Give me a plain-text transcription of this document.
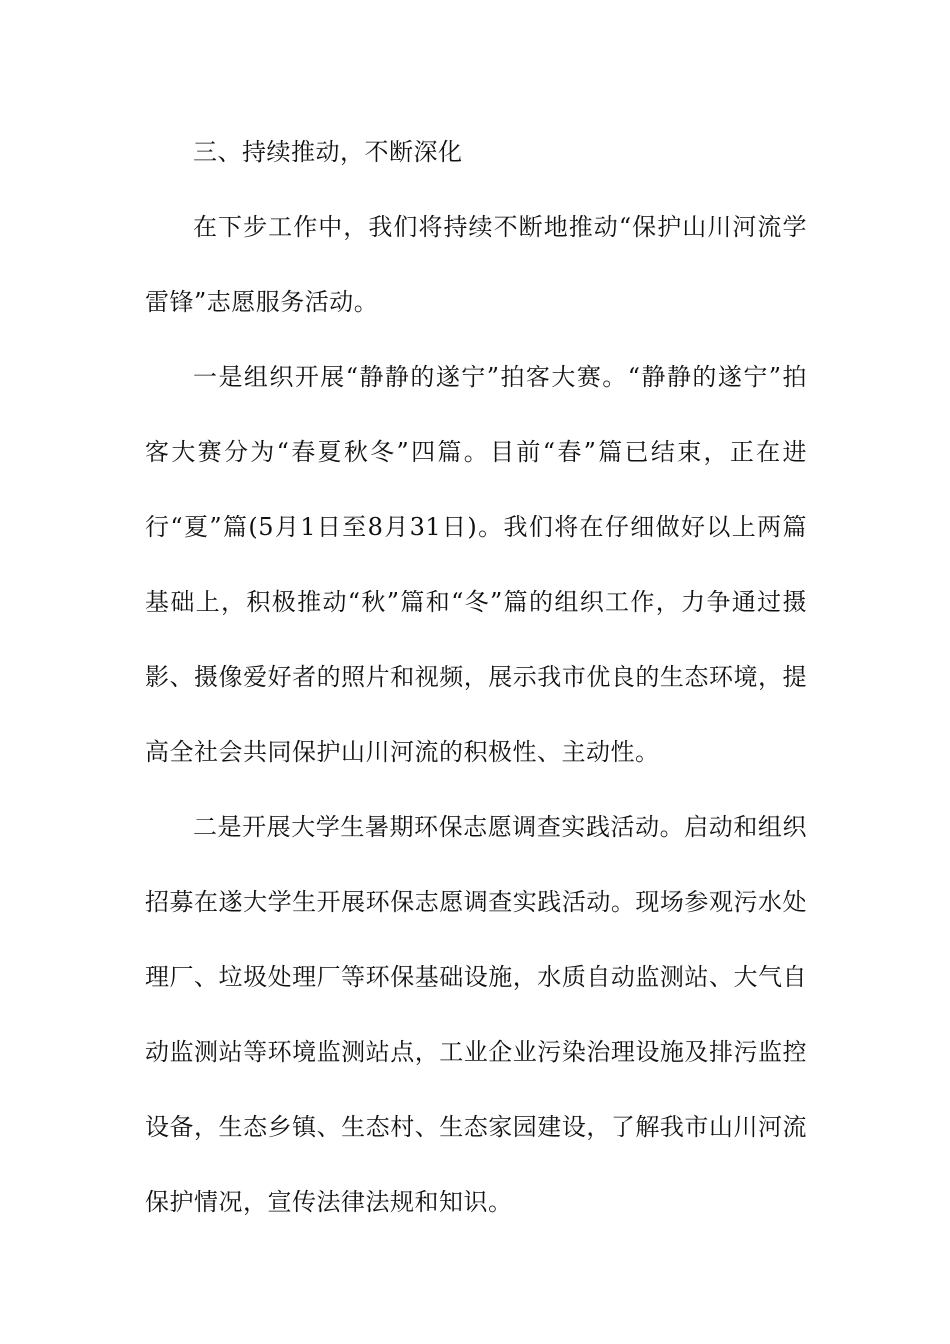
三、持续推动，不断深化

在下步工作中，我们将持续不断地推动“保护山川河流学雷锋”志愿服务活动。

一是组织开展“静静的遂宁”拍客大赛。“静静的遂宁”拍客大赛分为“春夏秋冬”四篇。目前“春”篇已结束，正在进行“夏”篇(5月1日至8月31日)。我们将在仔细做好以上两篇基础上，积极推动“秋”篇和“冬”篇的组织工作，力争通过摄影、摄像爱好者的照片和视频，展示我市优良的生态环境，提高全社会共同保护山川河流的积极性、主动性。

二是开展大学生暑期环保志愿调查实践活动。启动和组织招募在遂大学生开展环保志愿调查实践活动。现场参观污水处理厂、垃圾处理厂等环保基础设施，水质自动监测站、大气自动监测站等环境监测站点，工业企业污染治理设施及排污监控设备，生态乡镇、生态村、生态家园建设，了解我市山川河流保护情况，宣传法律法规和知识。
